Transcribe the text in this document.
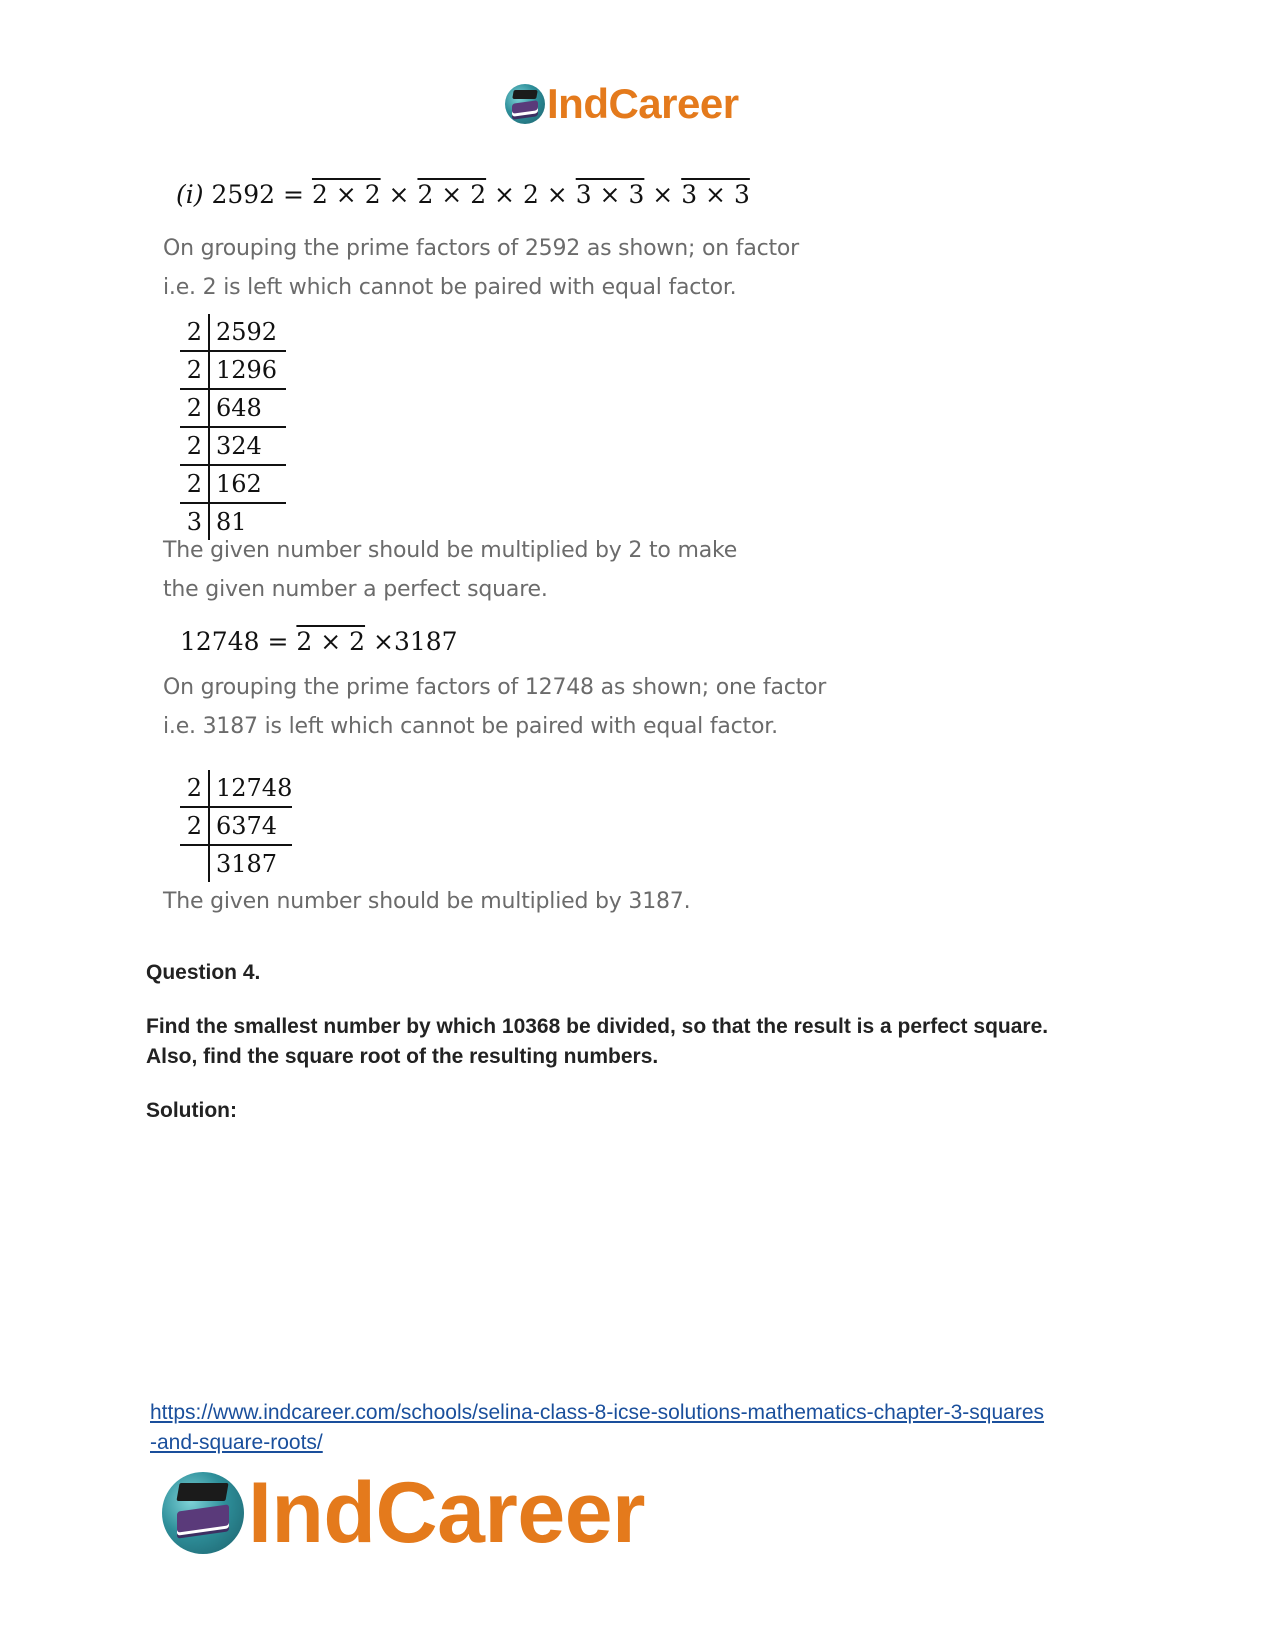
IndCareer
(i) 2592 = 2 × 2 × 2 × 2 × 2 × 3 × 3 × 3 × 3
On grouping the prime factors of 2592 as shown; on factor
i.e. 2 is left which cannot be paired with equal factor.
2	2592
2	1296
2	648
2	324
2	162
3	81
The given number should be multiplied by 2 to make
the given number a perfect square.
12748 = 2 × 2 ×3187
On grouping the prime factors of 12748 as shown; one factor
i.e. 3187 is left which cannot be paired with equal factor.
2	12748
2	6374
	3187
The given number should be multiplied by 3187.
Question 4.
Find the smallest number by which 10368 be divided, so that the result is a perfect square.
Also, find the square root of the resulting numbers.
Solution:
https://www.indcareer.com/schools/selina-class-8-icse-solutions-mathematics-chapter-3-squares
-and-square-roots/
IndCareer
